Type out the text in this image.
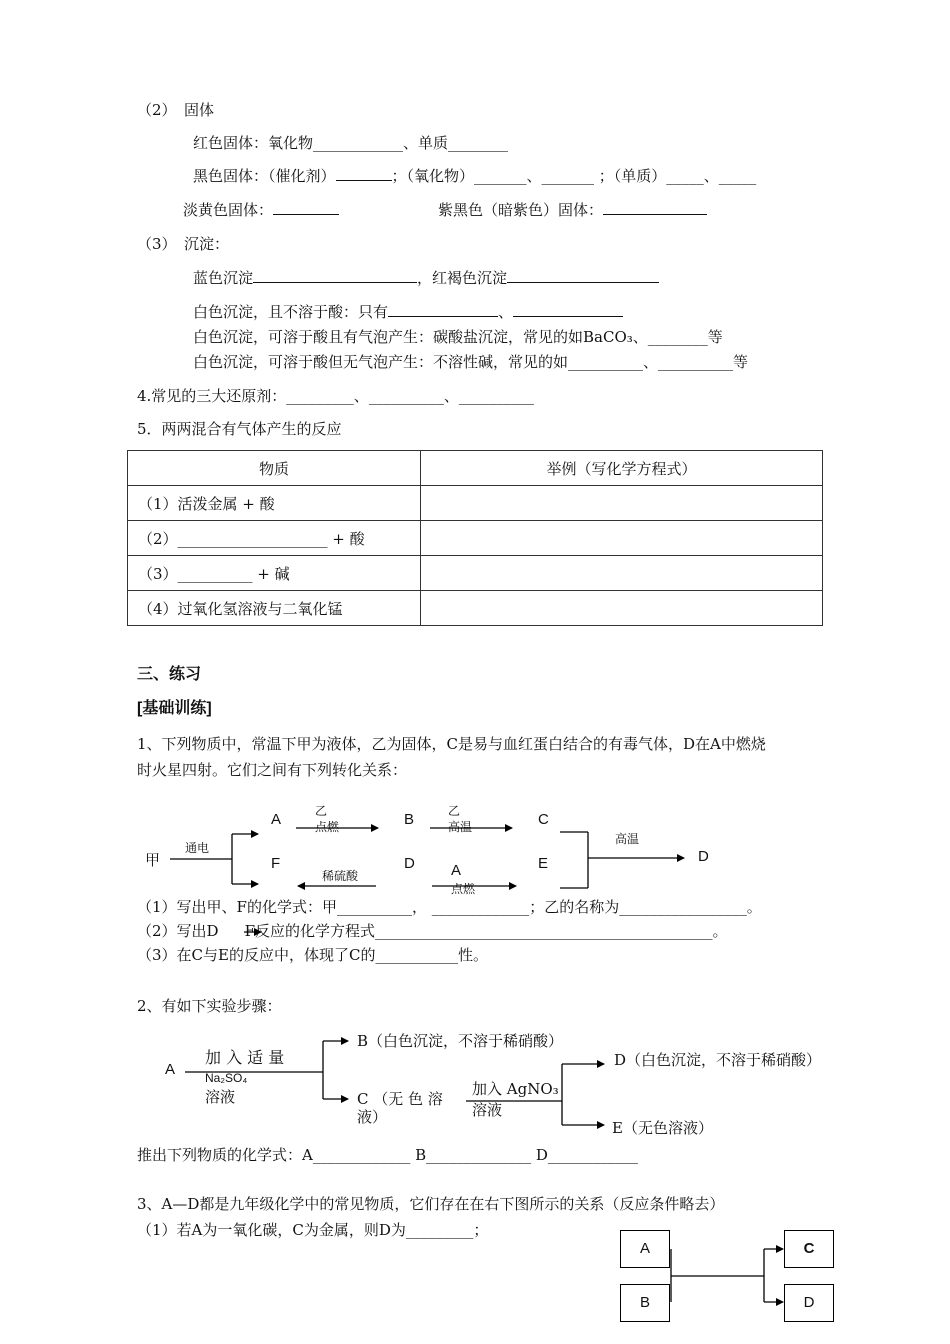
（2）　固体
红色固体：氧化物____________、单质________
黑色固体：（催化剂）	；（氧化物）_______、_______ ；（单质）_____、_____
淡黄色固体：	紫黑色（暗紫色）固体：
（3）　沉淀：
蓝色沉淀	，红褐色沉淀
白色沉淀，且不溶于酸：只有	、
白色沉淀，可溶于酸且有气泡产生：碳酸盐沉淀，常见的如BaCO₃、________等
白色沉淀，可溶于酸但无气泡产生：不溶性碱，常见的如__________、__________等
4.常见的三大还原剂：_________、__________、__________
5．两两混合有气体产生的反应
物质	举例（写化学方程式）
（1）活泼金属 + 酸	
（2）____________________ + 酸	
（3）__________ + 碱	
（4）过氧化氢溶液与二氧化锰	
三、练习
[基础训练]
1、下列物质中，常温下甲为液体，乙为固体，C是易与血红蛋白结合的有毒气体，D在A中燃烧
时火星四射。它们之间有下列转化关系：
甲
通电
A
F
乙
点燃	B	乙
高温	C
稀硫酸
D A
点燃
E
高温
D
（1）写出甲、F的化学式：甲__________， _____________；乙的名称为_________________。
（2）写出D F反应的化学方程式_____________________________________________。
（3）在C与E的反应中，体现了C的___________性。
2、有如下实验步骤：
A
加 入 适 量
Na₂SO₄
溶液
B（白色沉淀，不溶于稀硝酸）
C （无 色 溶
液）
加入 AgNO₃
溶液
D（白色沉淀，不溶于稀硝酸）
E（无色溶液）
推出下列物质的化学式：A_____________ B______________ D____________
3、A—D都是九年级化学中的常见物质，它们存在在右下图所示的关系（反应条件略去）
（1）若A为一氧化碳，C为金属，则D为_________；
A
B
C
D
